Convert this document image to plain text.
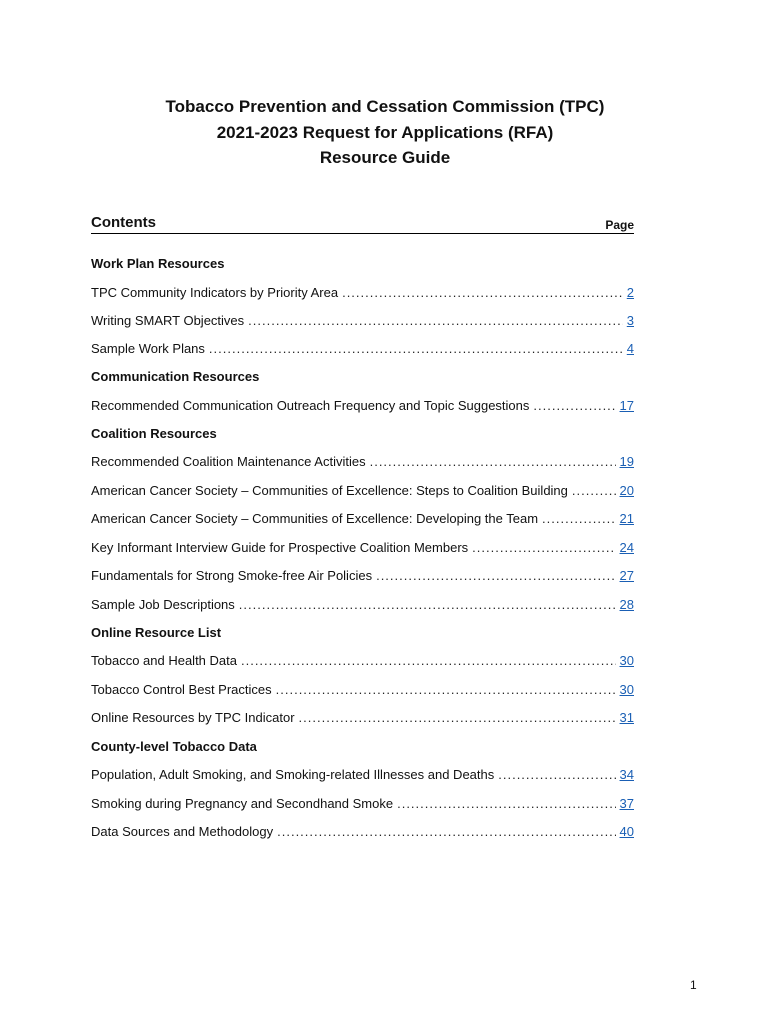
Tobacco Prevention and Cessation Commission (TPC)

2021-2023 Request for Applications (RFA)

Resource Guide

Contents	Page
Work Plan Resources
TPC Community Indicators by Priority Area .....	2
Writing SMART Objectives .....	3
Sample Work Plans .....	4
Communication Resources
Recommended Communication Outreach Frequency and Topic Suggestions .....	17
Coalition Resources
Recommended Coalition Maintenance Activities .....	19
American Cancer Society – Communities of Excellence: Steps to Coalition Building .....	20
American Cancer Society – Communities of Excellence: Developing the Team .....	21
Key Informant Interview Guide for Prospective Coalition Members .....	24
Fundamentals for Strong Smoke-free Air Policies .....	27
Sample Job Descriptions .....	28
Online Resource List
Tobacco and Health Data .....	30
Tobacco Control Best Practices .....	30
Online Resources by TPC Indicator .....	31
County-level Tobacco Data
Population, Adult Smoking, and Smoking-related Illnesses and Deaths .....	34
Smoking during Pregnancy and Secondhand Smoke .....	37
Data Sources and Methodology .....	40
1
